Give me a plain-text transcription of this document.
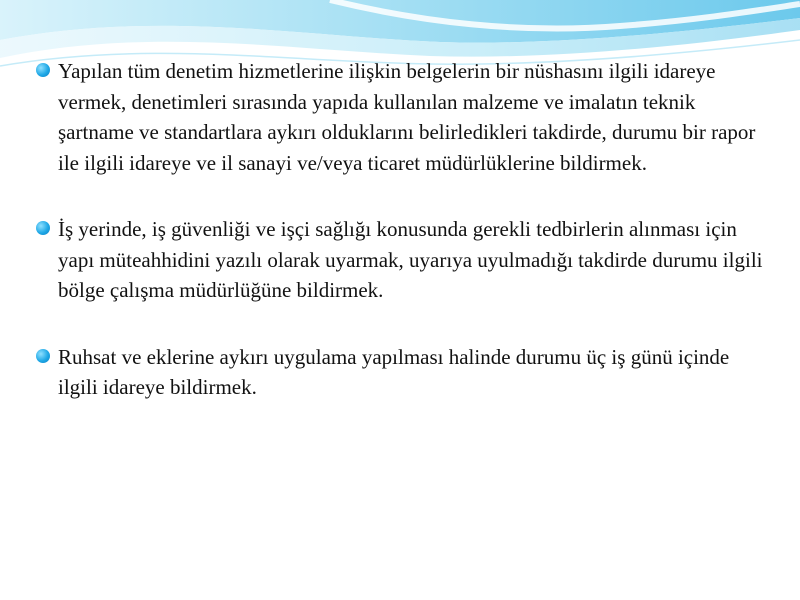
Yapılan tüm denetim hizmetlerine ilişkin belgelerin bir nüshasını ilgili idareye vermek, denetimleri sırasında yapıda kullanılan malzeme ve imalatın teknik şartname ve standartlara aykırı olduklarını belirledikleri takdirde, durumu bir rapor ile ilgili idareye ve il sanayi ve/veya ticaret müdürlüklerine bildirmek.
İş yerinde, iş güvenliği ve işçi sağlığı konusunda gerekli tedbirlerin alınması için yapı müteahhidini yazılı olarak uyarmak, uyarıya uyulmadığı takdirde durumu ilgili bölge çalışma müdürlüğüne bildirmek.
Ruhsat ve eklerine aykırı uygulama yapılması halinde durumu üç iş günü içinde ilgili idareye bildirmek.
